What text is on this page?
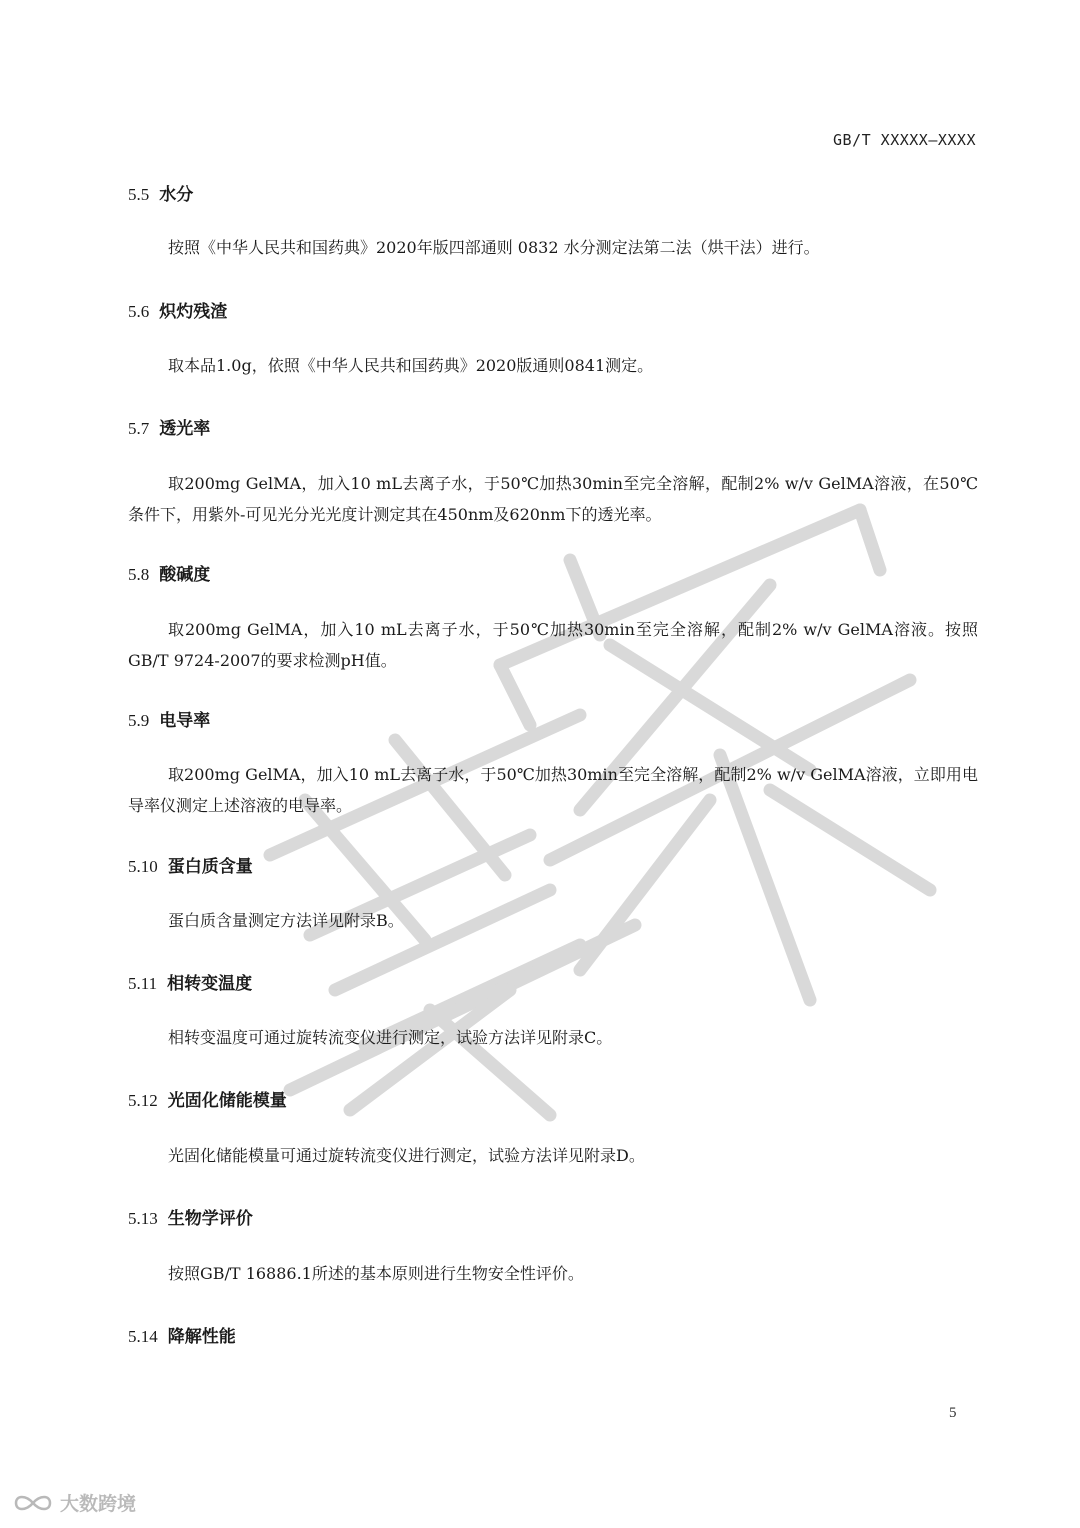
GB/T XXXXX—XXXX
5.5 水分
按照《中华人民共和国药典》2020年版四部通则 0832 水分测定法第二法（烘干法）进行。
5.6 炽灼残渣
取本品1.0g，依照《中华人民共和国药典》2020版通则0841测定。
5.7 透光率
取200mg GelMA，加入10 mL去离子水，于50℃加热30min至完全溶解，配制2% w/v GelMA溶液，在50℃条件下，用紫外-可见光分光光度计测定其在450nm及620nm下的透光率。
5.8 酸碱度
取200mg GelMA，加入10 mL去离子水，于50℃加热30min至完全溶解，配制2% w/v GelMA溶液。按照GB/T 9724-2007的要求检测pH值。
5.9 电导率
取200mg GelMA，加入10 mL去离子水，于50℃加热30min至完全溶解，配制2% w/v GelMA溶液，立即用电导率仪测定上述溶液的电导率。
5.10 蛋白质含量
蛋白质含量测定方法详见附录B。
5.11 相转变温度
相转变温度可通过旋转流变仪进行测定，试验方法详见附录C。
5.12 光固化储能模量
光固化储能模量可通过旋转流变仪进行测定，试验方法详见附录D。
5.13 生物学评价
按照GB/T 16886.1所述的基本原则进行生物安全性评价。
5.14 降解性能
5
大数跨境
